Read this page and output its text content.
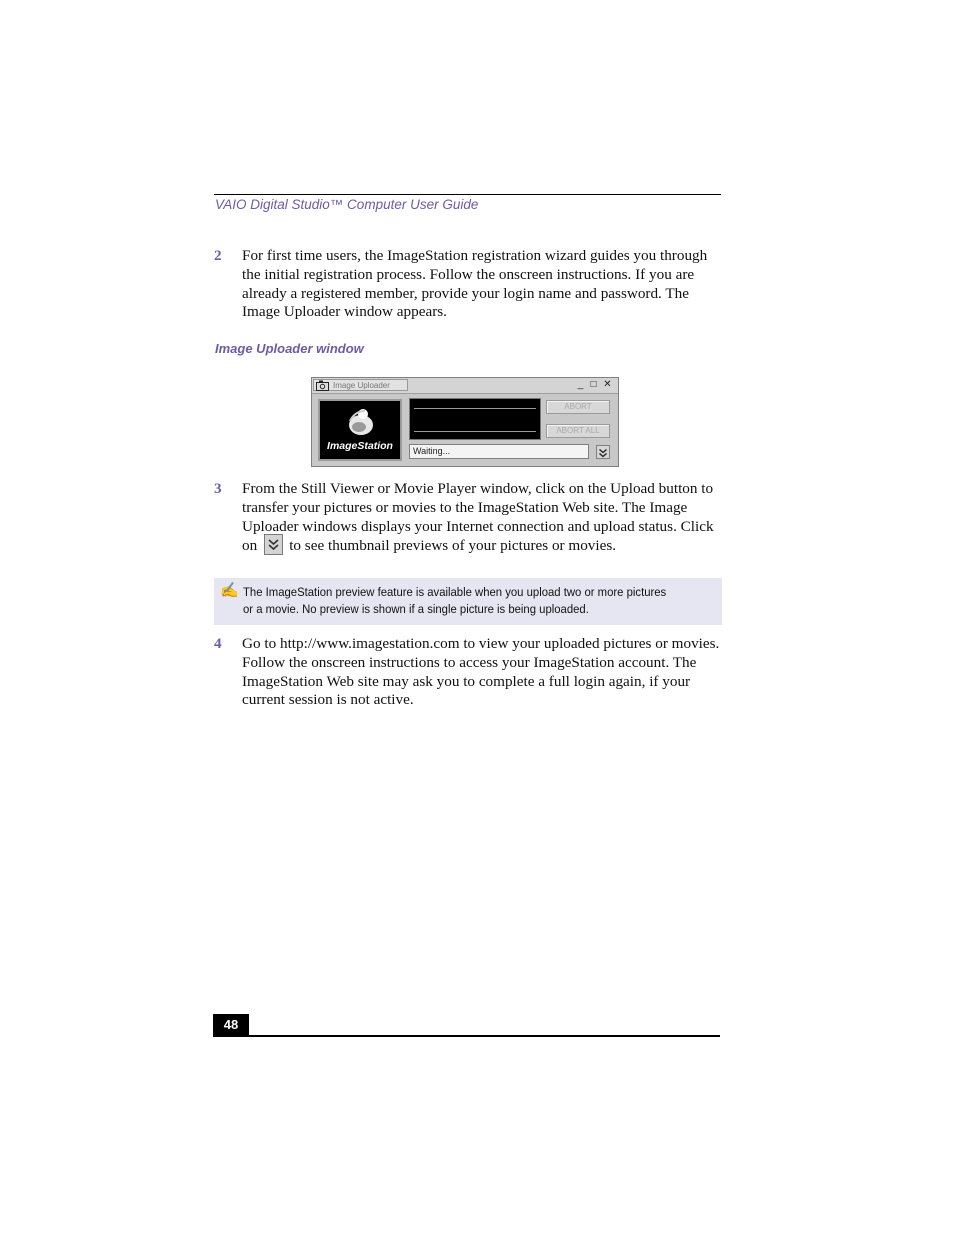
VAIO Digital Studio™ Computer User Guide
2 For first time users, the ImageStation registration wizard guides you through the initial registration process. Follow the onscreen instructions. If you are already a registered member, provide your login name and password. The Image Uploader window appears.
Image Uploader window
Image Uploader	_ □ ✕
ImageStation
ABORT
ABORT ALL
Waiting...
3 From the Still Viewer or Movie Player window, click on the Upload button to transfer your pictures or movies to the ImageStation Web site. The Image Uploader windows displays your Internet connection and upload status. Click on to see thumbnail previews of your pictures or movies.
✍ The ImageStation preview feature is available when you upload two or more pictures
or a movie. No preview is shown if a single picture is being uploaded.
4 Go to http://www.imagestation.com to view your uploaded pictures or movies. Follow the onscreen instructions to access your ImageStation account. The ImageStation Web site may ask you to complete a full login again, if your current session is not active.
48
